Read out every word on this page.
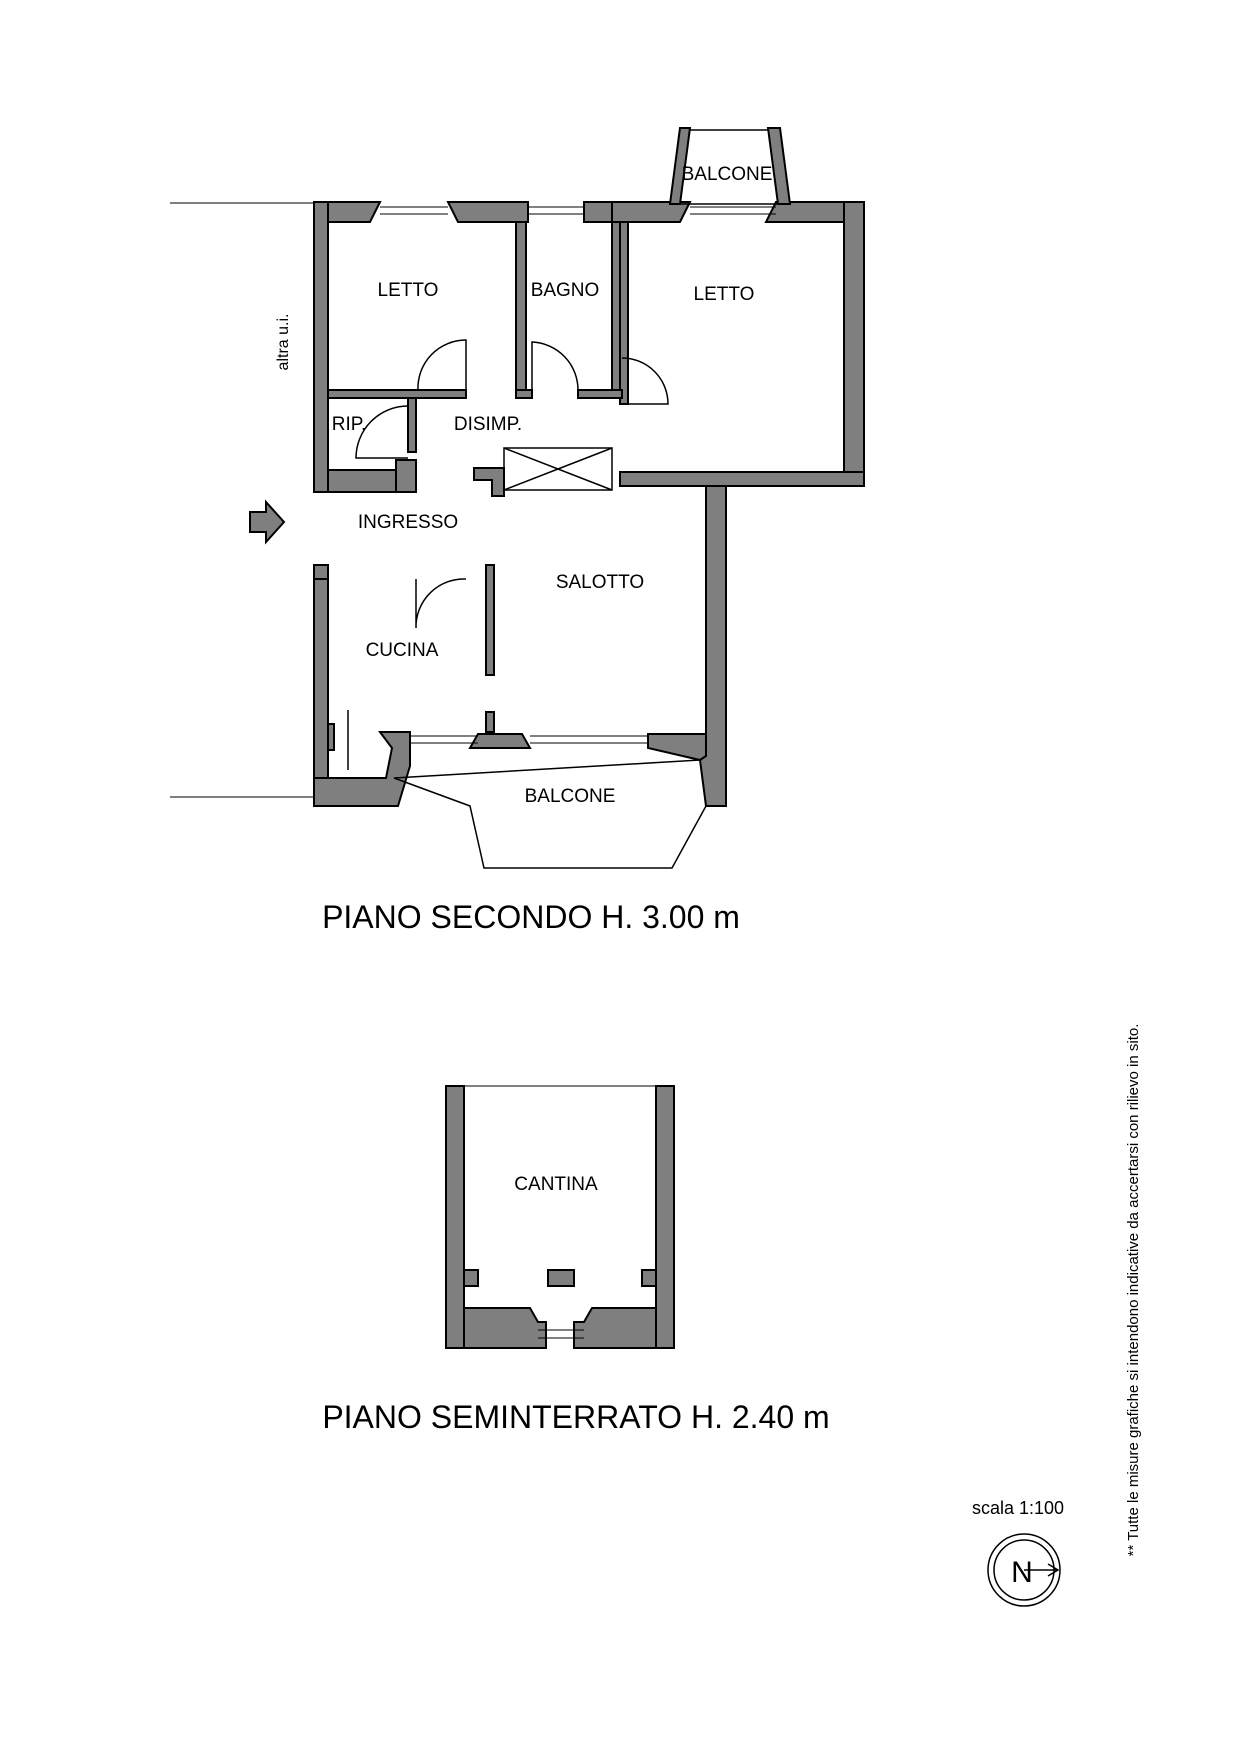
LETTO	BAGNO	LETTO
BALCONE
RIP.	DISIMP.
INGRESSO
SALOTTO
CUCINA
BALCONE
altra u.i.
PIANO SECONDO H. 3.00 m
CANTINA
PIANO SEMINTERRATO H. 2.40 m
scala 1:100
N
** Tutte le misure grafiche si intendono indicative da accertarsi con rilievo in sito.
